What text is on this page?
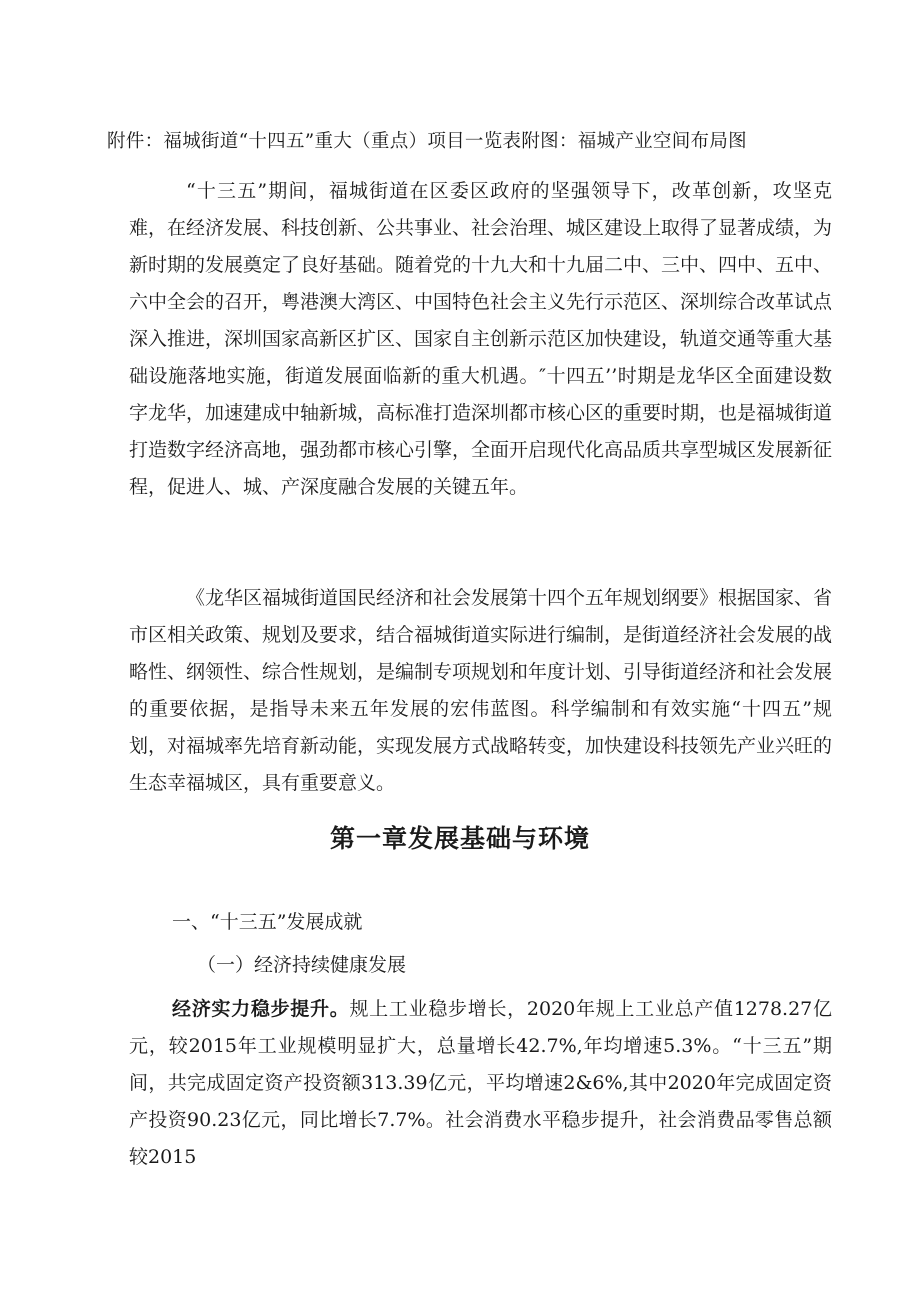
附件：福城街道“十四五”重大（重点）项目一览表附图：福城产业空间布局图

“十三五”期间，福城街道在区委区政府的坚强领导下，改革创新，攻坚克难，在经济发展、科技创新、公共事业、社会治理、城区建设上取得了显著成绩，为新时期的发展奠定了良好基础。随着党的十九大和十九届二中、三中、四中、五中、六中全会的召开，粤港澳大湾区、中国特色社会主义先行示范区、深圳综合改革试点深入推进，深圳国家高新区扩区、国家自主创新示范区加快建设，轨道交通等重大基础设施落地实施，街道发展面临新的重大机遇。″十四五’’时期是龙华区全面建设数字龙华，加速建成中轴新城，高标准打造深圳都市核心区的重要时期，也是福城街道打造数字经济高地，强劲都市核心引擎，全面开启现代化高品质共享型城区发展新征程，促进人、城、产深度融合发展的关键五年。

《龙华区福城街道国民经济和社会发展第十四个五年规划纲要》根据国家、省市区相关政策、规划及要求，结合福城街道实际进行编制，是街道经济社会发展的战略性、纲领性、综合性规划，是编制专项规划和年度计划、引导街道经济和社会发展的重要依据，是指导未来五年发展的宏伟蓝图。科学编制和有效实施“十四五”规划，对福城率先培育新动能，实现发展方式战略转变，加快建设科技领先产业兴旺的生态幸福城区，具有重要意义。

第一章发展基础与环境
一、“十三五”发展成就
（一）经济持续健康发展

经济实力稳步提升。规上工业稳步增长，2020年规上工业总产值1278.27亿元，较2015年工业规模明显扩大，总量增长42.7%,年均增速5.3%。“十三五”期间，共完成固定资产投资额313.39亿元，平均增速2&6%,其中2020年完成固定资产投资90.23亿元，同比增长7.7%。社会消费水平稳步提升，社会消费品零售总额较2015
